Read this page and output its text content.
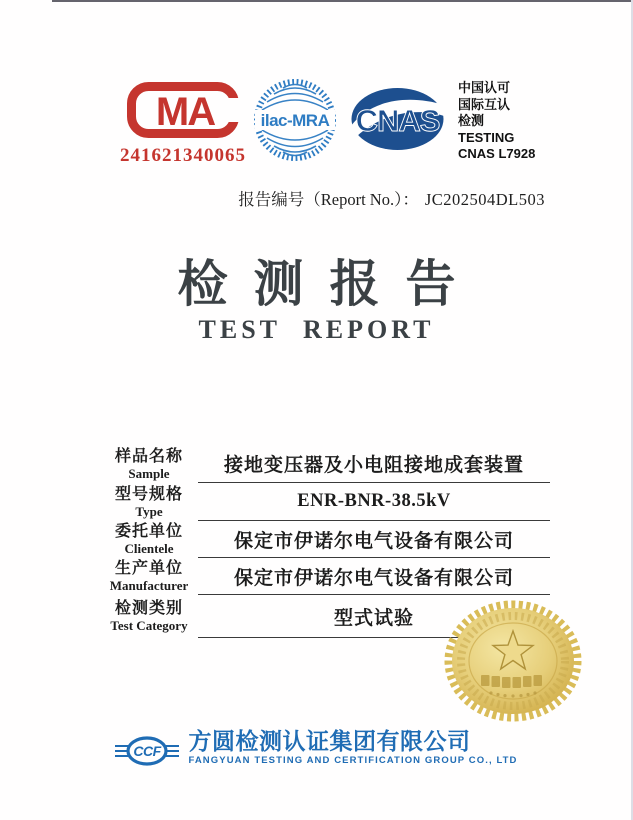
MA
241621340065
ilac-MRA CNAS
中国认可
国际互认
检测
TESTING
CNAS L7928
报告编号（Report No.）： JC202504DL503
检测报告
TEST REPORT
样品名称
Sample	接地变压器及小电阻接地成套装置
型号规格
Type	ENR-BNR-38.5kV
委托单位
Clientele	保定市伊诺尔电气设备有限公司
生产单位
Manufacturer 保定市伊诺尔电气设备有限公司
检测类别
Test Category	型式试验
CCF 方圆检测认证集团有限公司
FANGYUAN TESTING AND CERTIFICATION GROUP CO., LTD
